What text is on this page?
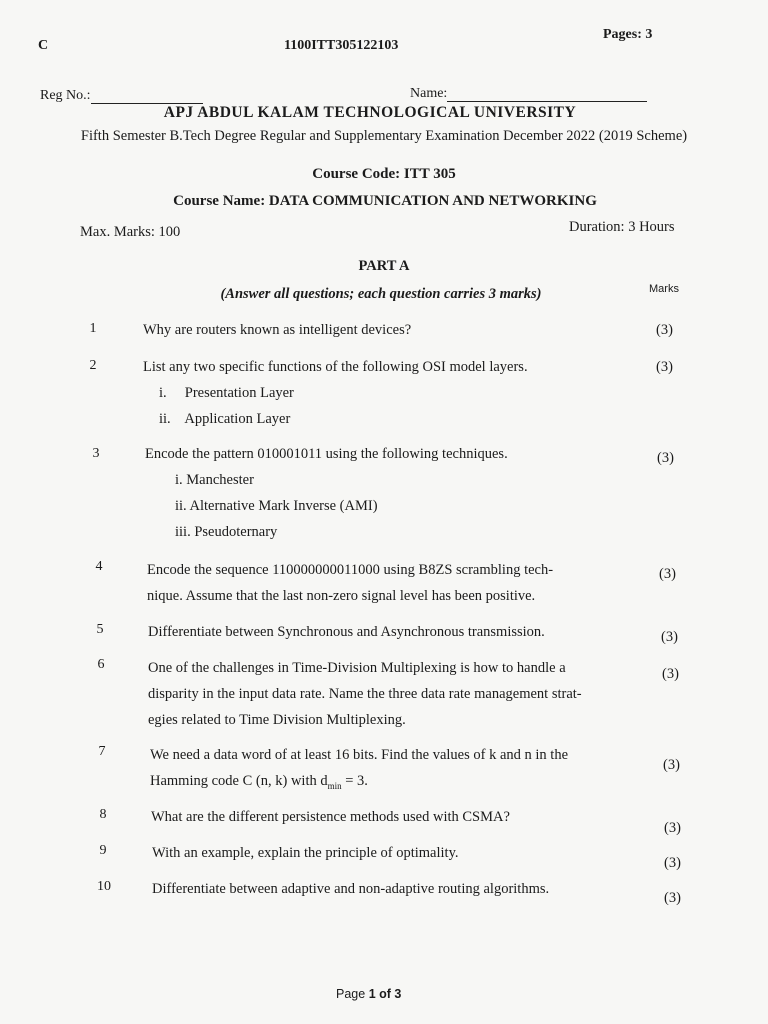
C	1100ITT305122103
Pages: 3
Reg No.:	Name:
APJ ABDUL KALAM TECHNOLOGICAL UNIVERSITY
Fifth Semester B.Tech Degree Regular and Supplementary Examination December 2022 (2019 Scheme)
Course Code: ITT 305
Course Name: DATA COMMUNICATION AND NETWORKING
Max. Marks: 100	Duration: 3 Hours
PART A
(Answer all questions; each question carries 3 marks)	Marks
1	Why are routers known as intelligent devices?	(3)
2	List any two specific functions of the following OSI model layers.
i.     Presentation Layer
ii.    Application Layer
(3)
3	Encode the pattern 010001011 using the following techniques.
i. Manchester
ii. Alternative Mark Inverse (AMI)
iii. Pseudoternary
(3)
4	Encode the sequence 110000000011000 using B8ZS scrambling tech-
nique. Assume that the last non-zero signal level has been positive.
(3)
5	Differentiate between Synchronous and Asynchronous transmission.	(3)
6	One of the challenges in Time-Division Multiplexing is how to handle a
disparity in the input data rate. Name the three data rate management strat-
egies related to Time Division Multiplexing.
(3)
7	We need a data word of at least 16 bits. Find the values of k and n in the
Hamming code C (n, k) with $d_{min} = 3$.
(3)
8	What are the different persistence methods used with CSMA?
(3)
9	With an example, explain the principle of optimality.
(3)
10	Differentiate between adaptive and non-adaptive routing algorithms.
(3)
Page 1 of 3
